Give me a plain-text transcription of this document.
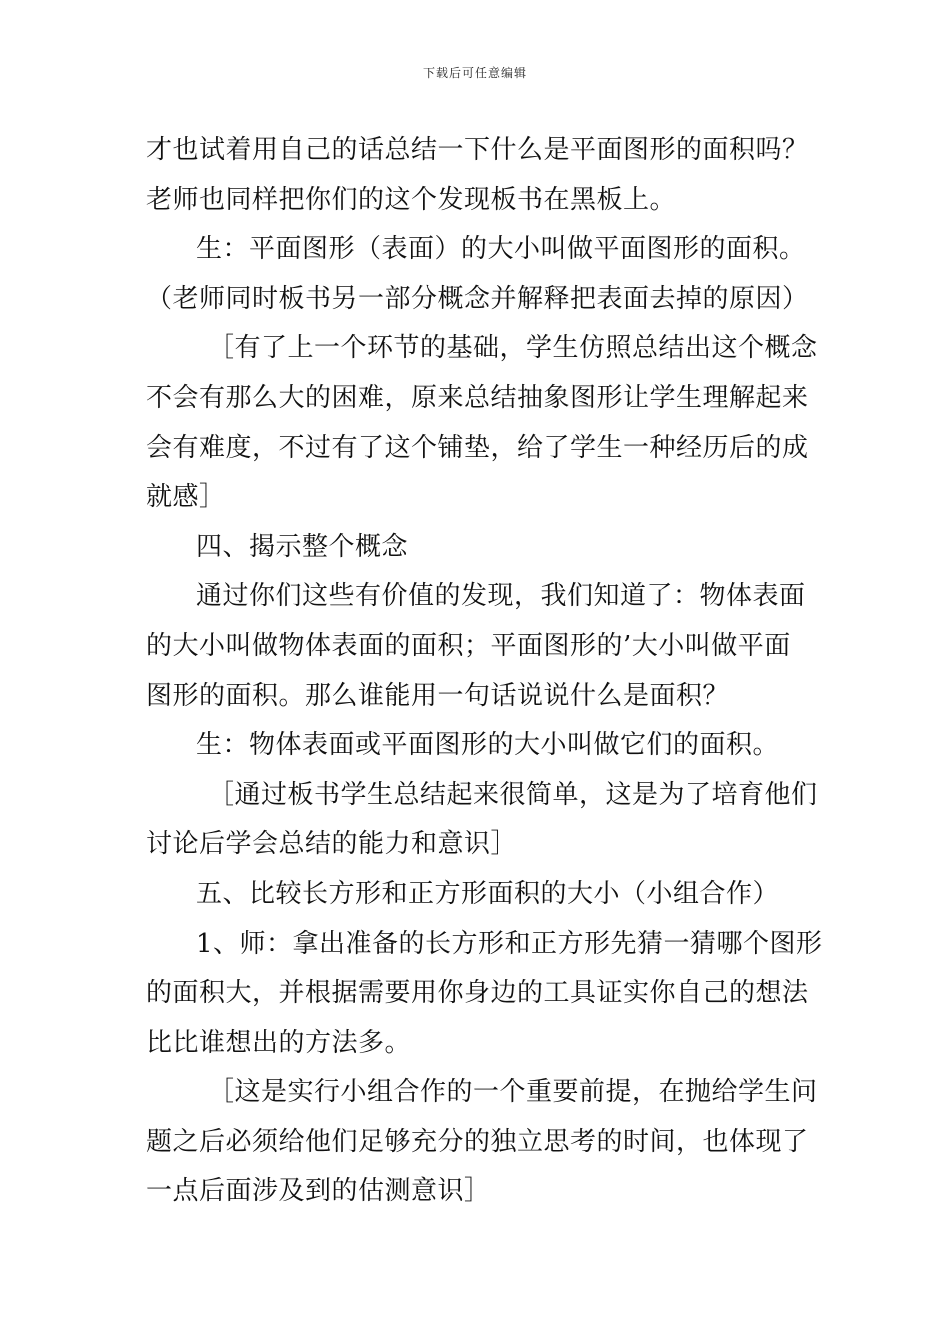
下载后可任意编辑
才也试着用自己的话总结一下什么是平面图形的面积吗？
老师也同样把你们的这个发现板书在黑板上。
生：平面图形（表面）的大小叫做平面图形的面积。
（老师同时板书另一部分概念并解释把表面去掉的原因）
［有了上一个环节的基础，学生仿照总结出这个概念
不会有那么大的困难，原来总结抽象图形让学生理解起来
会有难度，不过有了这个铺垫，给了学生一种经历后的成
就感］
四、揭示整个概念
通过你们这些有价值的发现，我们知道了：物体表面
的大小叫做物体表面的面积；平面图形的’大小叫做平面
图形的面积。那么谁能用一句话说说什么是面积？
生：物体表面或平面图形的大小叫做它们的面积。
［通过板书学生总结起来很简单，这是为了培育他们
讨论后学会总结的能力和意识］
五、比较长方形和正方形面积的大小（小组合作）
1、师：拿出准备的长方形和正方形先猜一猜哪个图形
的面积大，并根据需要用你身边的工具证实你自己的想法
比比谁想出的方法多。
［这是实行小组合作的一个重要前提，在抛给学生问
题之后必须给他们足够充分的独立思考的时间，也体现了
一点后面涉及到的估测意识］
